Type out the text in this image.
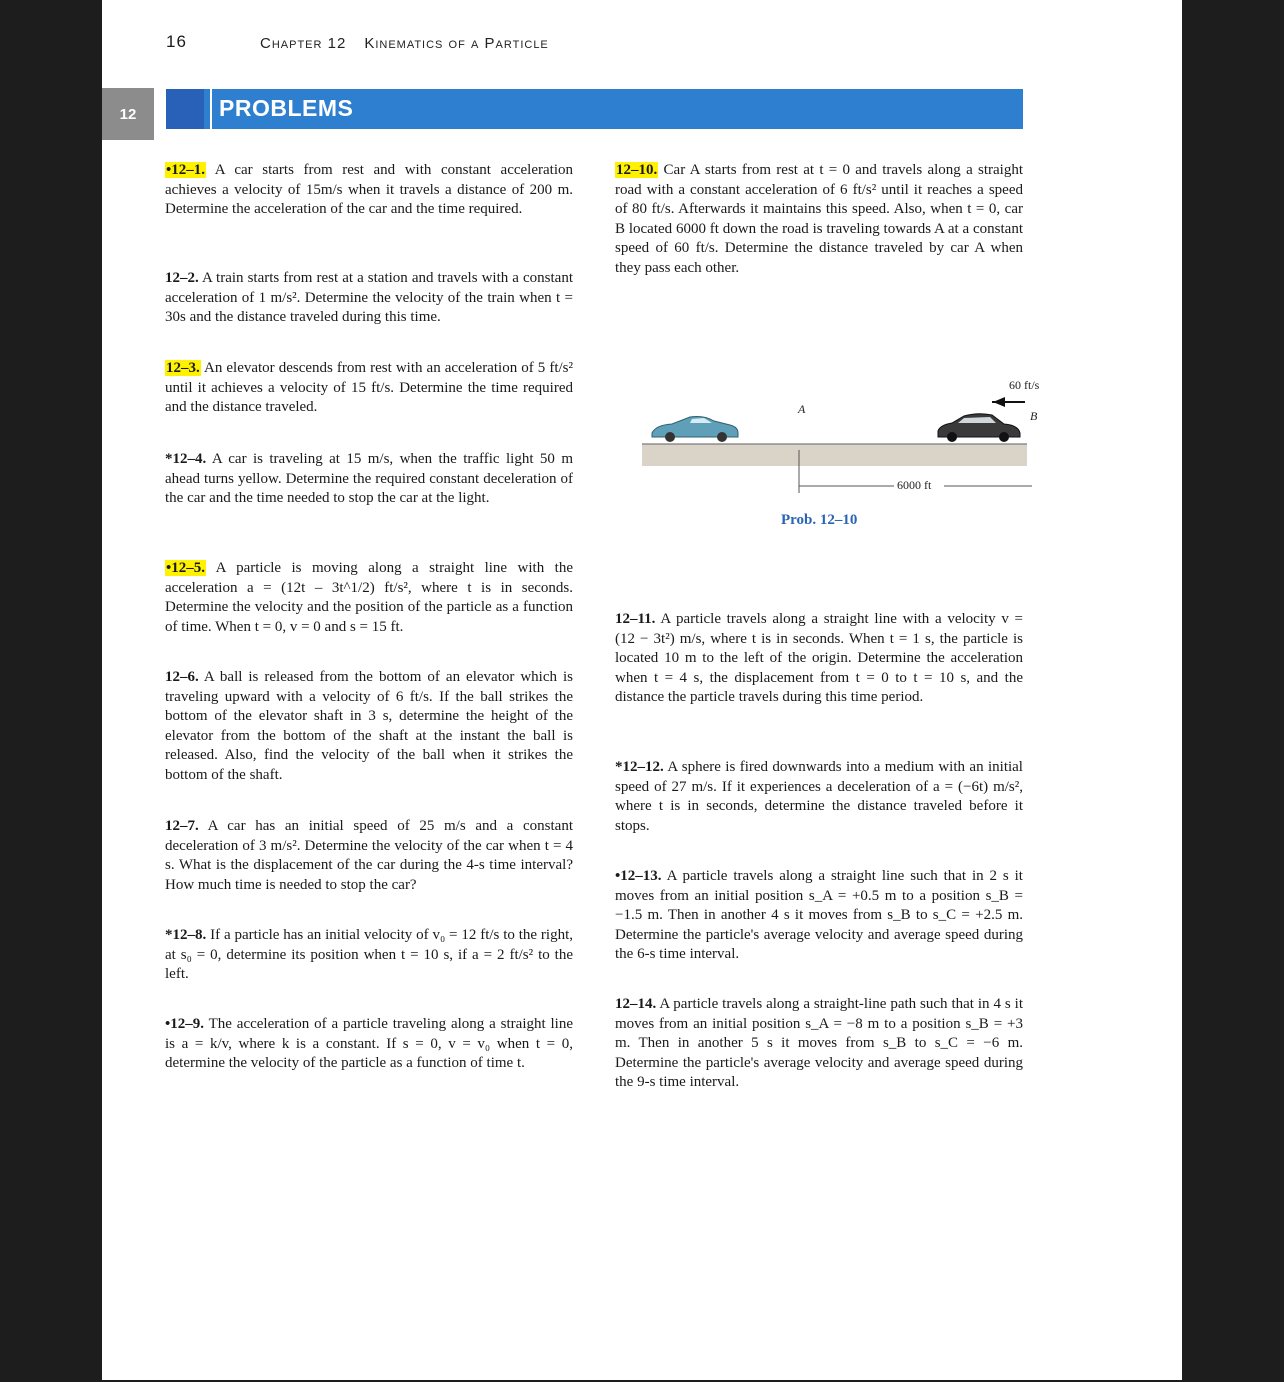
16	Chapter 12 Kinematics of a Particle
12	PROBLEMS
•12–1. A car starts from rest and with constant acceleration achieves a velocity of 15m/s when it travels a distance of 200 m. Determine the acceleration of the car and the time required.
12–2. A train starts from rest at a station and travels with a constant acceleration of 1 m/s². Determine the velocity of the train when t = 30s and the distance traveled during this time.
12–3. An elevator descends from rest with an acceleration of 5 ft/s² until it achieves a velocity of 15 ft/s. Determine the time required and the distance traveled.
*12–4. A car is traveling at 15 m/s, when the traffic light 50 m ahead turns yellow. Determine the required constant deceleration of the car and the time needed to stop the car at the light.
•12–5. A particle is moving along a straight line with the acceleration a = (12t – 3t^1/2) ft/s², where t is in seconds. Determine the velocity and the position of the particle as a function of time. When t = 0, v = 0 and s = 15 ft.
12–6. A ball is released from the bottom of an elevator which is traveling upward with a velocity of 6 ft/s. If the ball strikes the bottom of the elevator shaft in 3 s, determine the height of the elevator from the bottom of the shaft at the instant the ball is released. Also, find the velocity of the ball when it strikes the bottom of the shaft.
12–7. A car has an initial speed of 25 m/s and a constant deceleration of 3 m/s². Determine the velocity of the car when t = 4 s. What is the displacement of the car during the 4-s time interval? How much time is needed to stop the car?
*12–8. If a particle has an initial velocity of v₀ = 12 ft/s to the right, at s₀ = 0, determine its position when t = 10 s, if a = 2 ft/s² to the left.
•12–9. The acceleration of a particle traveling along a straight line is a = k/v, where k is a constant. If s = 0, v = v₀ when t = 0, determine the velocity of the particle as a function of time t.
12–10. Car A starts from rest at t = 0 and travels along a straight road with a constant acceleration of 6 ft/s² until it reaches a speed of 80 ft/s. Afterwards it maintains this speed. Also, when t = 0, car B located 6000 ft down the road is traveling towards A at a constant speed of 60 ft/s. Determine the distance traveled by car A when they pass each other.
60 ft/s
A	B
6000 ft
Prob. 12–10
12–11. A particle travels along a straight line with a velocity v = (12 − 3t²) m/s, where t is in seconds. When t = 1 s, the particle is located 10 m to the left of the origin. Determine the acceleration when t = 4 s, the displacement from t = 0 to t = 10 s, and the distance the particle travels during this time period.
*12–12. A sphere is fired downwards into a medium with an initial speed of 27 m/s. If it experiences a deceleration of a = (−6t) m/s², where t is in seconds, determine the distance traveled before it stops.
•12–13. A particle travels along a straight line such that in 2 s it moves from an initial position s_A = +0.5 m to a position s_B = −1.5 m. Then in another 4 s it moves from s_B to s_C = +2.5 m. Determine the particle's average velocity and average speed during the 6-s time interval.
12–14. A particle travels along a straight-line path such that in 4 s it moves from an initial position s_A = −8 m to a position s_B = +3 m. Then in another 5 s it moves from s_B to s_C = −6 m. Determine the particle's average velocity and average speed during the 9-s time interval.
